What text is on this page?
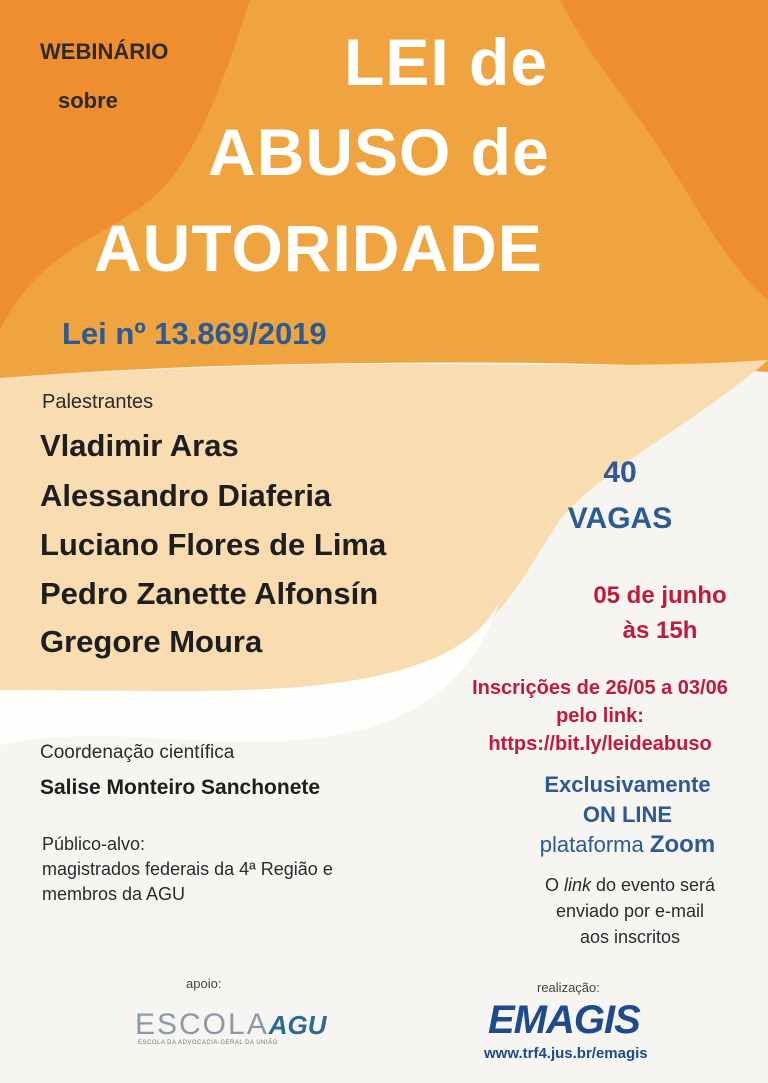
WEBINÁRIO
sobre
LEI de
ABUSO de
AUTORIDADE
Lei nº 13.869/2019
Palestrantes
Vladimir Aras
Alessandro Diaferia
Luciano Flores de Lima
Pedro Zanette Alfonsín
Gregore Moura
40
VAGAS
05 de junho
às 15h
Inscrições de 26/05 a 03/06
pelo link:
https://bit.ly/leideabuso
Exclusivamente
ON LINE
plataforma Zoom
O link do evento será
enviado por e-mail
aos inscritos
Coordenação científica
Salise Monteiro Sanchonete
Público-alvo:
magistrados federais da 4ª Região e
membros da AGU
apoio:
ESCOLAAGU
ESCOLA DA ADVOCACIA-GERAL DA UNIÃO
realização:
EMAGIS
www.trf4.jus.br/emagis
